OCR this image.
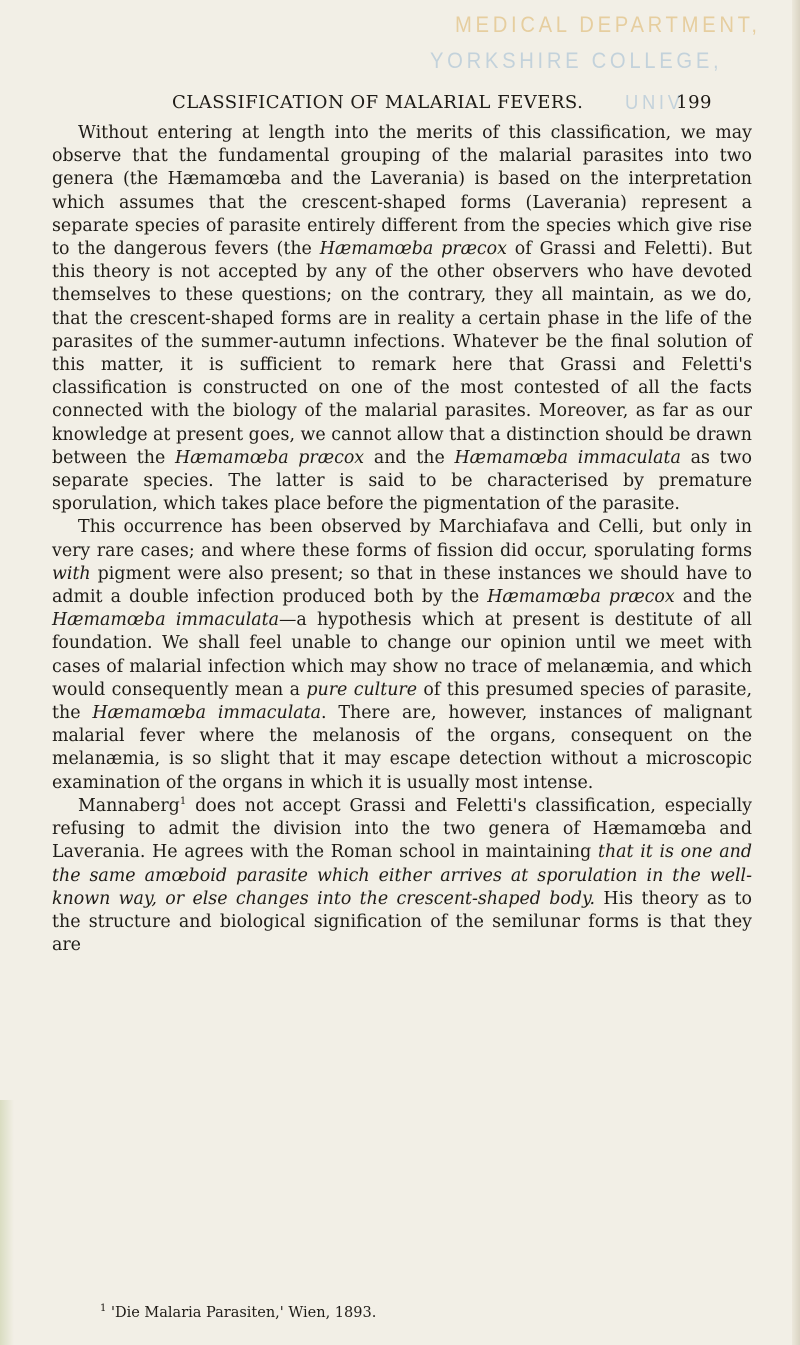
MEDICAL DEPARTMENT,
YORKSHIRE COLLEGE,
UNIV
CLASSIFICATION OF MALARIAL FEVERS.	199

Without entering at length into the merits of this classification, we may observe that the fundamental grouping of the malarial parasites into two genera (the Hæmamœba and the Laverania) is based on the interpretation which assumes that the crescent-shaped forms (Laverania) represent a separate species of parasite entirely different from the species which give rise to the dangerous fevers (the Hæmamœba præcox of Grassi and Feletti). But this theory is not accepted by any of the other observers who have devoted themselves to these questions; on the contrary, they all maintain, as we do, that the crescent-shaped forms are in reality a certain phase in the life of the parasites of the summer-autumn infections. Whatever be the final solution of this matter, it is sufficient to remark here that Grassi and Feletti's classification is constructed on one of the most contested of all the facts connected with the biology of the malarial parasites. Moreover, as far as our knowledge at present goes, we cannot allow that a distinction should be drawn between the Hæmamœba præcox and the Hæmamœba immaculata as two separate species. The latter is said to be characterised by premature sporulation, which takes place before the pigmentation of the parasite.

This occurrence has been observed by Marchiafava and Celli, but only in very rare cases; and where these forms of fission did occur, sporulating forms with pigment were also present; so that in these instances we should have to admit a double infection produced both by the Hæmamœba præcox and the Hæmamœba immaculata—a hypothesis which at present is destitute of all foundation. We shall feel unable to change our opinion until we meet with cases of malarial infection which may show no trace of melanæmia, and which would consequently mean a pure culture of this presumed species of parasite, the Hæmamœba immaculata. There are, however, instances of malignant malarial fever where the melanosis of the organs, consequent on the melanæmia, is so slight that it may escape detection without a microscopic examination of the organs in which it is usually most intense.

Mannaberg$^1$ does not accept Grassi and Feletti's classification, especially refusing to admit the division into the two genera of Hæmamœba and Laverania. He agrees with the Roman school in maintaining that it is one and the same amœboid parasite which either arrives at sporulation in the well-known way, or else changes into the crescent-shaped body. His theory as to the structure and biological signification of the semilunar forms is that they are

$^1$ 'Die Malaria Parasiten,' Wien, 1893.
